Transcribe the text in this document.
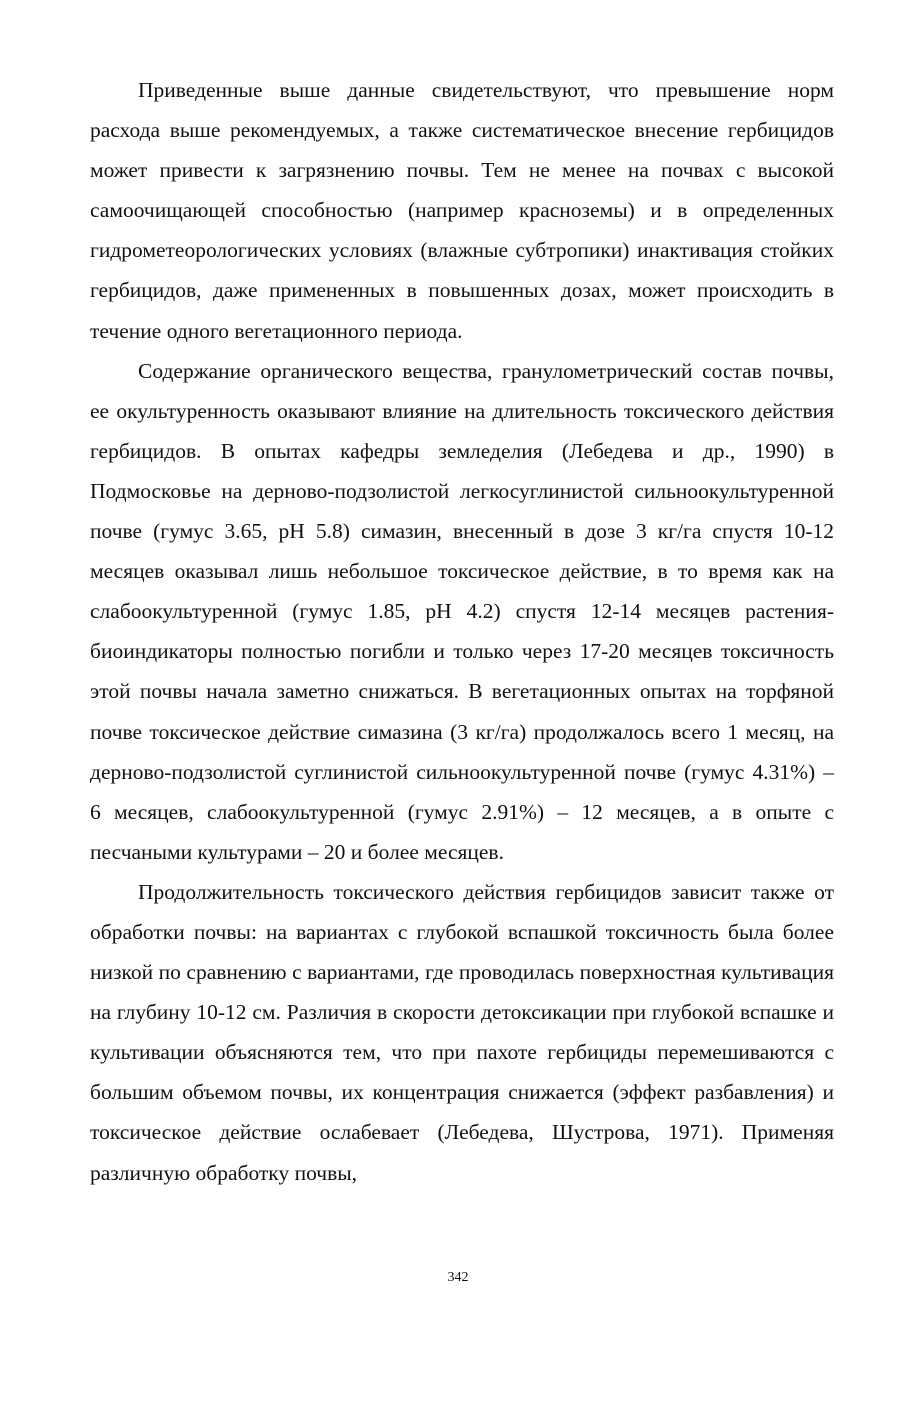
Приведенные выше данные свидетельствуют, что превышение норм расхода выше рекомендуемых, а также систематическое внесение гербицидов может привести к загрязнению почвы. Тем не менее на почвах с высокой самоочищающей способностью (например красноземы) и в определенных гидрометеорологических условиях (влажные субтропики) инактивация стойких гербицидов, даже примененных в повышенных дозах, может происходить в течение одного вегетационного периода.

Содержание органического вещества, гранулометрический состав почвы, ее окультуренность оказывают влияние на длительность токсического действия гербицидов. В опытах кафедры земледелия (Лебедева и др., 1990) в Подмосковье на дерново-подзолистой легкосуглинистой сильноокультуренной почве (гумус 3.65, рН 5.8) симазин, внесенный в дозе 3 кг/га спустя 10-12 месяцев оказывал лишь небольшое токсическое действие, в то время как на слабоокультуренной (гумус 1.85, рН 4.2) спустя 12-14 месяцев растения-биоиндикаторы полностью погибли и только через 17-20 месяцев токсичность этой почвы начала заметно снижаться. В вегетационных опытах на торфяной почве токсическое действие симазина (3 кг/га) продолжалось всего 1 месяц, на дерново-подзолистой суглинистой сильноокультуренной почве (гумус 4.31%) – 6 месяцев, слабоокультуренной (гумус 2.91%) – 12 месяцев, а в опыте с песчаными культурами – 20 и более месяцев.

Продолжительность токсического действия гербицидов зависит также от обработки почвы: на вариантах с глубокой вспашкой токсичность была более низкой по сравнению с вариантами, где проводилась поверхностная культивация на глубину 10-12 см. Различия в скорости детоксикации при глубокой вспашке и культивации объясняются тем, что при пахоте гербициды перемешиваются с большим объемом почвы, их концентрация снижается (эффект разбавления) и токсическое действие ослабевает (Лебедева, Шустрова, 1971). Применяя различную обработку почвы,

342
